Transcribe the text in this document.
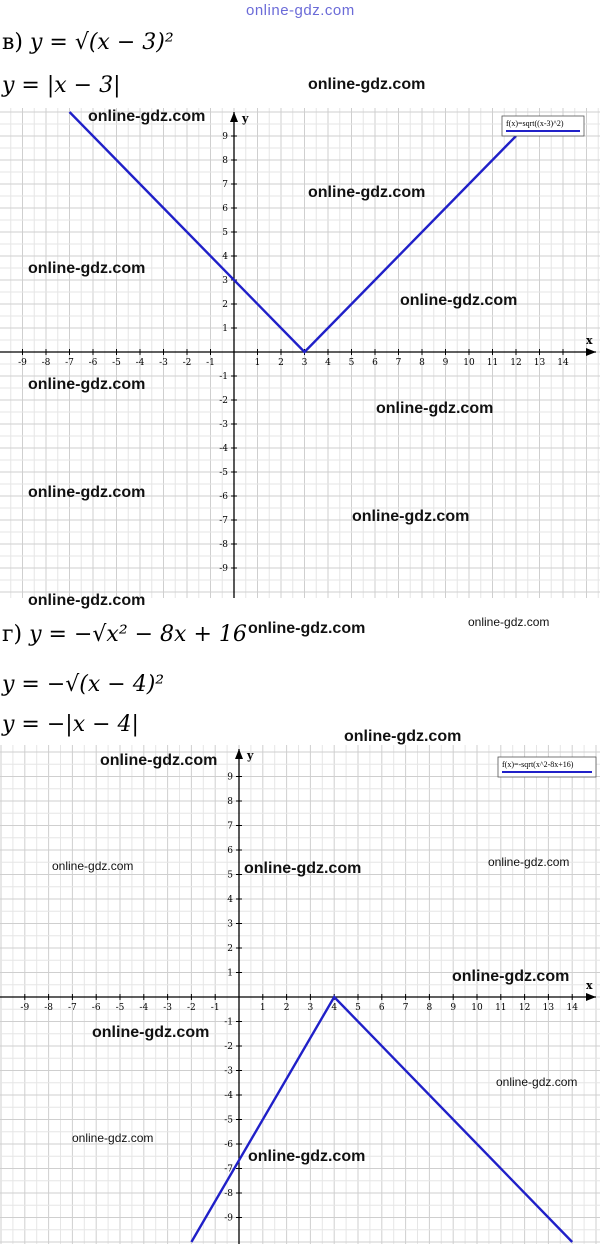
online-gdz.com
в) y = √(x − 3)²
y = |x − 3|
x
y
-9 -8 -7 -6 -5 -4 -3 -2 -1	1 2 3 4 5 6 7 8 9 10 11 12 13 14
-9
-8
-7
-6
-5
-4
-3
-2
-1
1
2
3
4
5
6
7
8
9
f(x)=sqrt((x-3)^2)
г) y = −√x² − 8x + 16
y = −√(x − 4)²
y = −|x − 4|
x
y
-9 -8 -7 -6 -5 -4 -3 -2 -1	1 2 3 4 5 6 7 8 9 10 11 12 13 14
-9
-8
-7
-6
-5
-4
-3
-2
-1
1
2
3
4
5
6
7
8
9
f(x)=-sqrt(x^2-8x+16)
online-gdz.com
online-gdz.com
online-gdz.com
online-gdz.com
online-gdz.com
online-gdz.com
online-gdz.com
online-gdz.com
online-gdz.com
online-gdz.com
online-gdz.com	online-gdz.com
online-gdz.com
online-gdz.com
online-gdz.com	online-gdz.com	online-gdz.com
online-gdz.com
online-gdz.com
online-gdz.com
online-gdz.com
online-gdz.com
